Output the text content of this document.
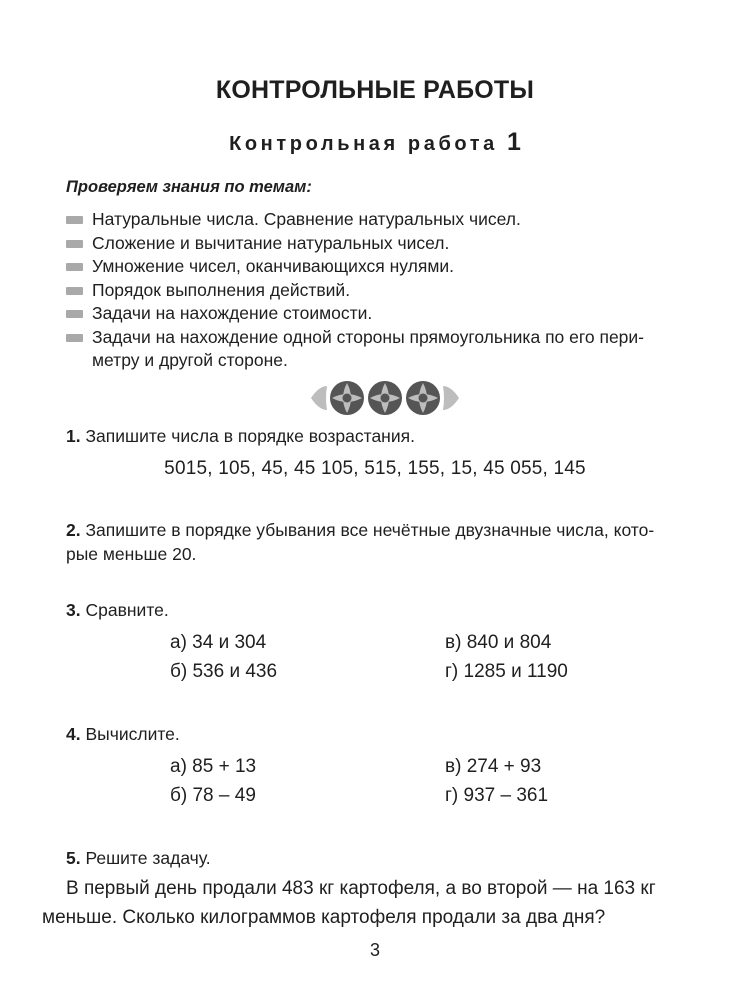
КОНТРОЛЬНЫЕ РАБОТЫ
Контрольная работа 1
Проверяем знания по темам:
Натуральные числа. Сравнение натуральных чисел.
Сложение и вычитание натуральных чисел.
Умножение чисел, оканчивающихся нулями.
Порядок выполнения действий.
Задачи на нахождение стоимости.
Задачи на нахождение одной стороны прямоугольника по его пери-
метру и другой стороне.
1. Запишите числа в порядке возрастания.
5015, 105, 45, 45 105, 515, 155, 15, 45 055, 145
2. Запишите в порядке убывания все нечётные двузначные числа, кото-
рые меньше 20.
3. Сравните.
а) 34 и 304
б) 536 и 436
в) 840 и 804
г) 1285 и 1190
4. Вычислите.
а) 85 + 13
б) 78 – 49
в) 274 + 93
г) 937 – 361
5. Решите задачу.
В первый день продали 483 кг картофеля, а во второй — на 163 кг
меньше. Сколько килограммов картофеля продали за два дня?
3
